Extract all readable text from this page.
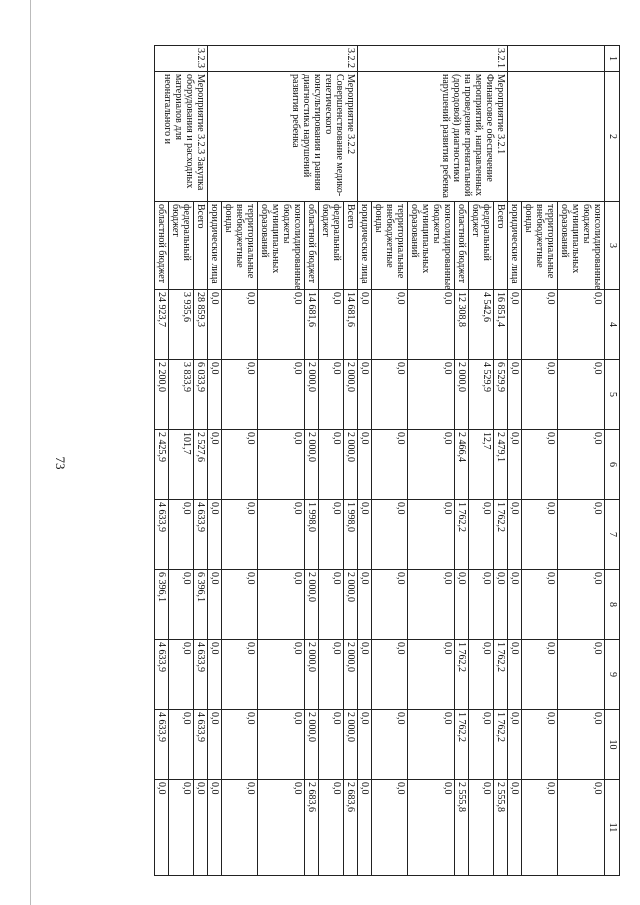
73
1	2	3	4	5	6	7	8	9	10	11
		консолидированные бюджеты муниципальных образований	0,0	0,0	0,0	0,0	0,0	0,0	0,0	0,0
		территориальные внебюджетные фонды	0,0	0,0	0,0	0,0	0,0	0,0	0,0	0,0
		юридические лица	0,0	0,0	0,0	0,0	0,0	0,0	0,0	0,0
3.2.1	Мероприятие 3.2.1 Финансовое обеспечение мероприятий, направленных на проведение пренатальной (дородовой) диагностики нарушений развития ребенка	Всего	16 851,4	6 529,9	2 479,1	1 762,2	0,0	1 762,2	1 762,2	2 555,8
		федеральный бюджет	4 542,6	4 529,9	12,7	0,0	0,0	0,0	0,0	0,0
		областной бюджет	12 308,8	2 000,0	2 466,4	1 762,2	0,0	1 762,2	1 762,2	2 555,8
		консолидированные бюджеты муниципальных образований	0,0	0,0	0,0	0,0	0,0	0,0	0,0	0,0
		территориальные внебюджетные фонды	0,0	0,0	0,0	0,0	0,0	0,0	0,0	0,0
		юридические лица	0,0	0,0	0,0	0,0	0,0	0,0	0,0	0,0
3.2.2	Мероприятие 3.2.2 Совершенствование медико-генетического консультирования и ранняя диагностика нарушений развития ребенка	Всего	14 681,6	2 000,0	2 000,0	1 998,0	2 000,0	2 000,0	2 000,0	2 683,6
		федеральный бюджет	0,0	0,0	0,0	0,0	0,0	0,0	0,0	0,0
		областной бюджет	14 681,6	2 000,0	2 000,0	1 998,0	2 000,0	2 000,0	2 000,0	2 683,6
		консолидированные бюджеты муниципальных образований	0,0	0,0	0,0	0,0	0,0	0,0	0,0	0,0
		территориальные внебюджетные фонды	0,0	0,0	0,0	0,0	0,0	0,0	0,0	0,0
		юридические лица	0,0	0,0	0,0	0,0	0,0	0,0	0,0	0,0
3.2.3	Мероприятие 3.2.3 Закупка оборудования и расходных материалов для неонатального и	Всего	28 859,3	6 033,9	2 527,6	4 633,9	6 396,1	4 633,9	4 633,9	0,0
		федеральный бюджет	3 935,6	3 833,9	101,7	0,0	0,0	0,0	0,0	0,0
		областной бюджет	24 923,7	2 200,0	2 425,9	4 633,9	6 396,1	4 633,9	4 633,9	0,0
